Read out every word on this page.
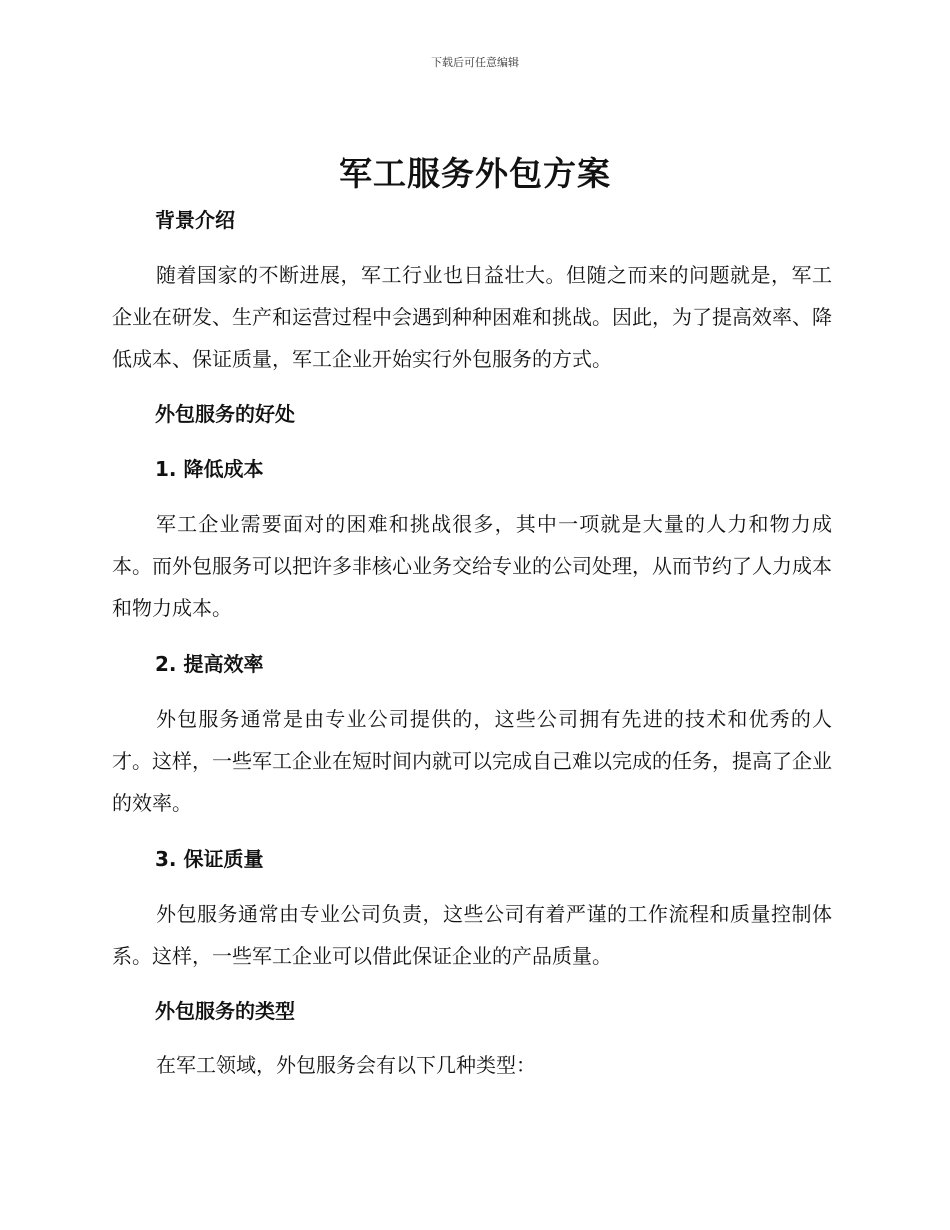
下载后可任意编辑
军工服务外包方案
背景介绍

随着国家的不断进展，军工行业也日益壮大。但随之而来的问题就是，军工企业在研发、生产和运营过程中会遇到种种困难和挑战。因此，为了提高效率、降低成本、保证质量，军工企业开始实行外包服务的方式。

外包服务的好处
1. 降低成本

军工企业需要面对的困难和挑战很多，其中一项就是大量的人力和物力成本。而外包服务可以把许多非核心业务交给专业的公司处理，从而节约了人力成本和物力成本。

2. 提高效率

外包服务通常是由专业公司提供的，这些公司拥有先进的技术和优秀的人才。这样，一些军工企业在短时间内就可以完成自己难以完成的任务，提高了企业的效率。

3. 保证质量

外包服务通常由专业公司负责，这些公司有着严谨的工作流程和质量控制体系。这样，一些军工企业可以借此保证企业的产品质量。

外包服务的类型

在军工领域，外包服务会有以下几种类型：
